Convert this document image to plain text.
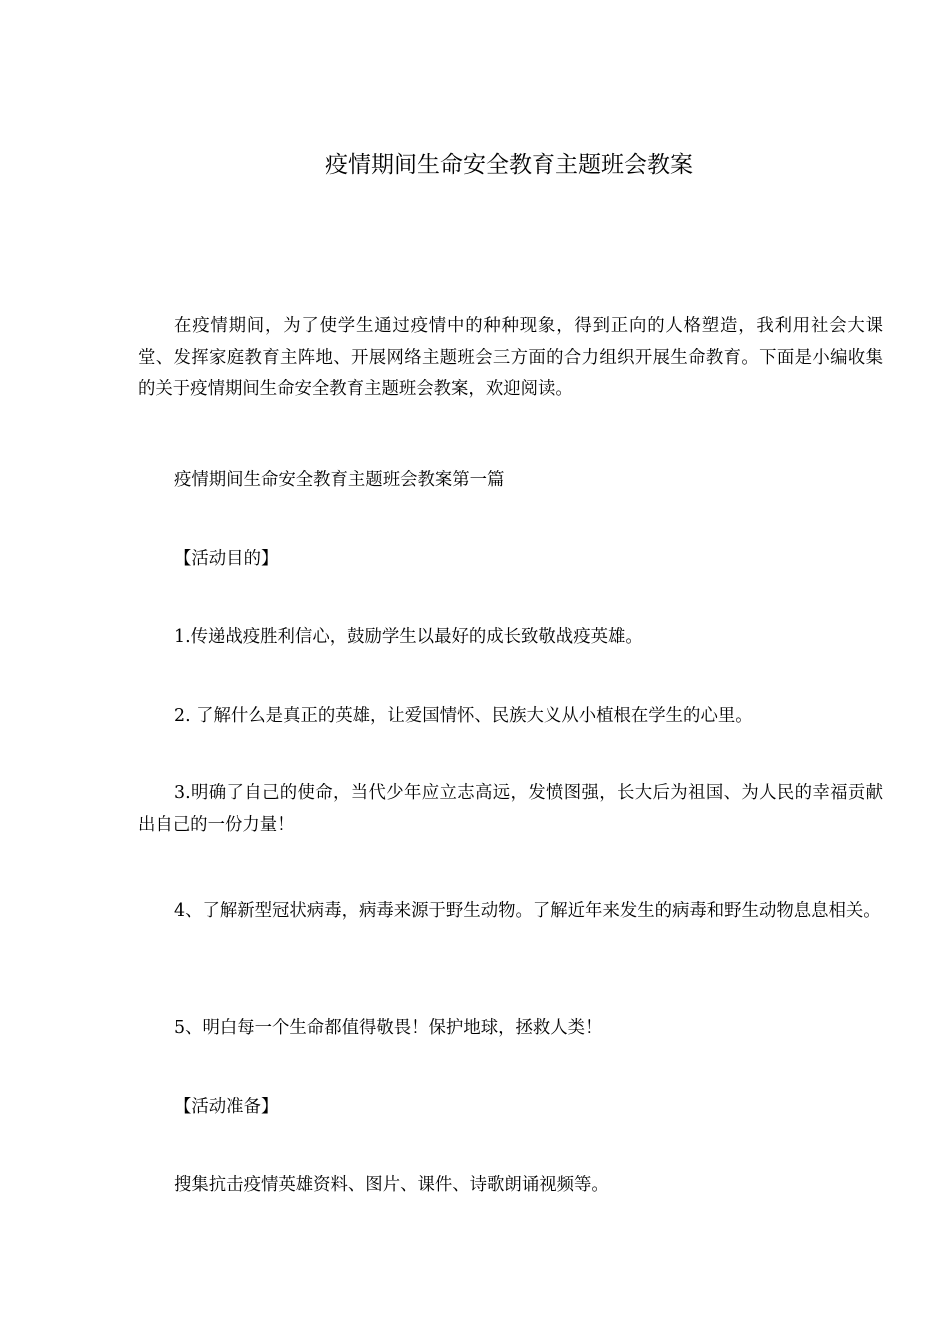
疫情期间生命安全教育主题班会教案

在疫情期间，为了使学生通过疫情中的种种现象，得到正向的人格塑造，我利用社会大课堂、发挥家庭教育主阵地、开展网络主题班会三方面的合力组织开展生命教育。下面是小编收集的关于疫情期间生命安全教育主题班会教案，欢迎阅读。

疫情期间生命安全教育主题班会教案第一篇

【活动目的】

1.传递战疫胜利信心，鼓励学生以最好的成长致敬战疫英雄。

2. 了解什么是真正的英雄，让爱国情怀、民族大义从小植根在学生的心里。

3.明确了自己的使命，当代少年应立志高远，发愤图强，长大后为祖国、为人民的幸福贡献出自己的一份力量！

4、了解新型冠状病毒，病毒来源于野生动物。了解近年来发生的病毒和野生动物息息相关。

5、明白每一个生命都值得敬畏！保护地球，拯救人类！

【活动准备】

搜集抗击疫情英雄资料、图片、课件、诗歌朗诵视频等。
